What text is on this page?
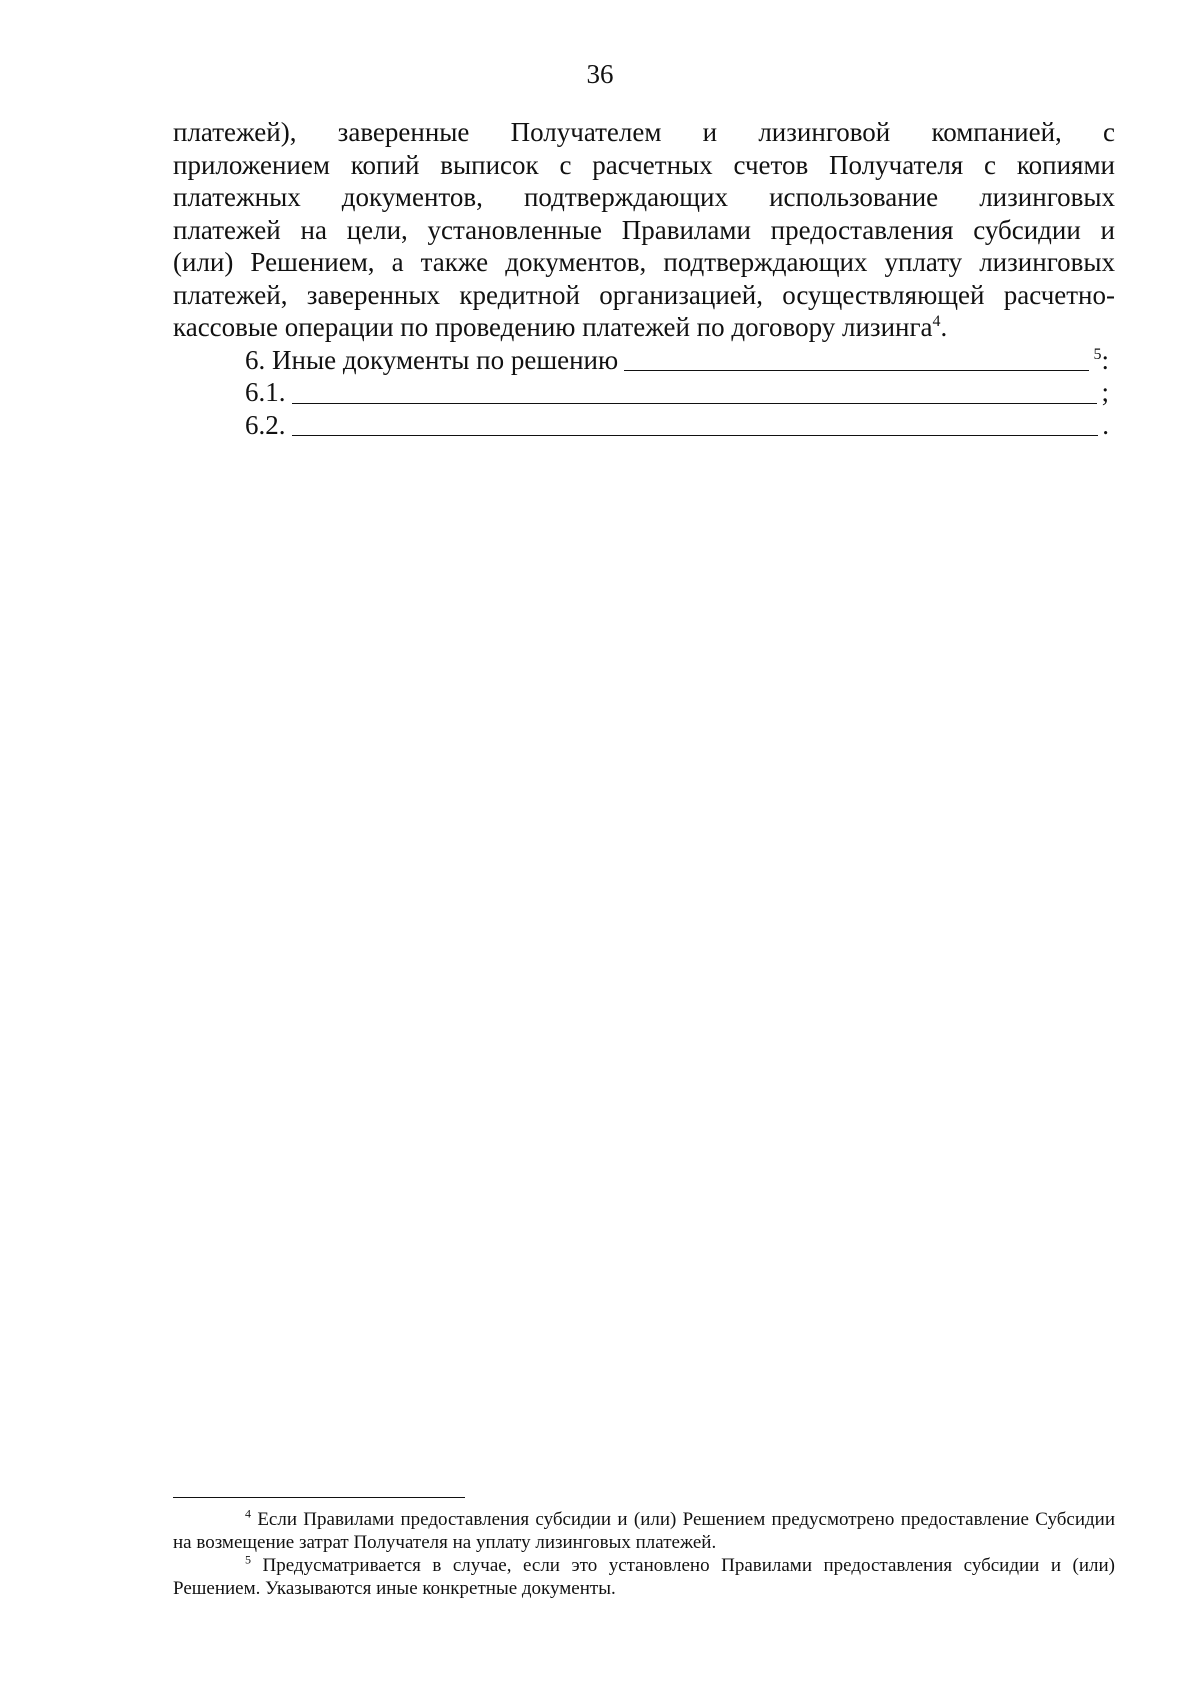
36
платежей), заверенные Получателем и лизинговой компанией, с
приложением копий выписок с расчетных счетов Получателя с копиями
платежных документов, подтверждающих использование лизинговых
платежей на цели, установленные Правилами предоставления субсидии и
(или) Решением, а также документов, подтверждающих уплату лизинговых
платежей, заверенных кредитной организацией, осуществляющей расчетно-
кассовые операции по проведению платежей по договору лизинга$^4$.
6. Иные документы по решению	$^5$:
6.1.	;
6.2.	.

$^4$ Если Правилами предоставления субсидии и (или) Решением предусмотрено предоставление Субсидии на возмещение затрат Получателя на уплату лизинговых платежей.

$^5$ Предусматривается в случае, если это установлено Правилами предоставления субсидии и (или) Решением. Указываются иные конкретные документы.
